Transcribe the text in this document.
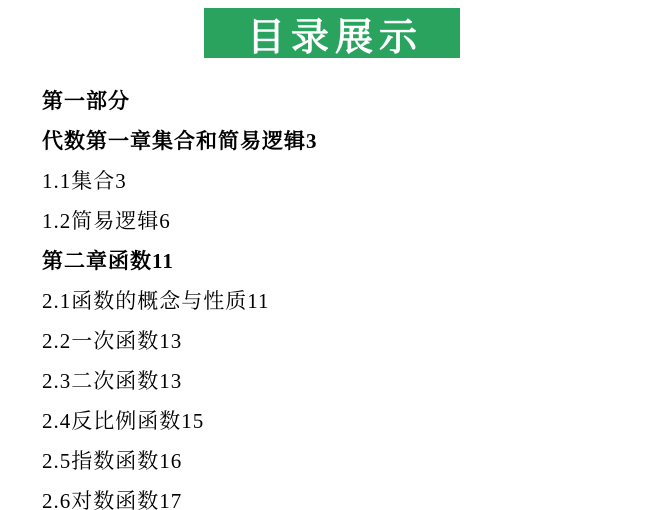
目录展示
第一部分
代数第一章集合和简易逻辑3
1.1集合3
1.2简易逻辑6
第二章函数11
2.1函数的概念与性质11
2.2一次函数13
2.3二次函数13
2.4反比例函数15
2.5指数函数16
2.6对数函数17
